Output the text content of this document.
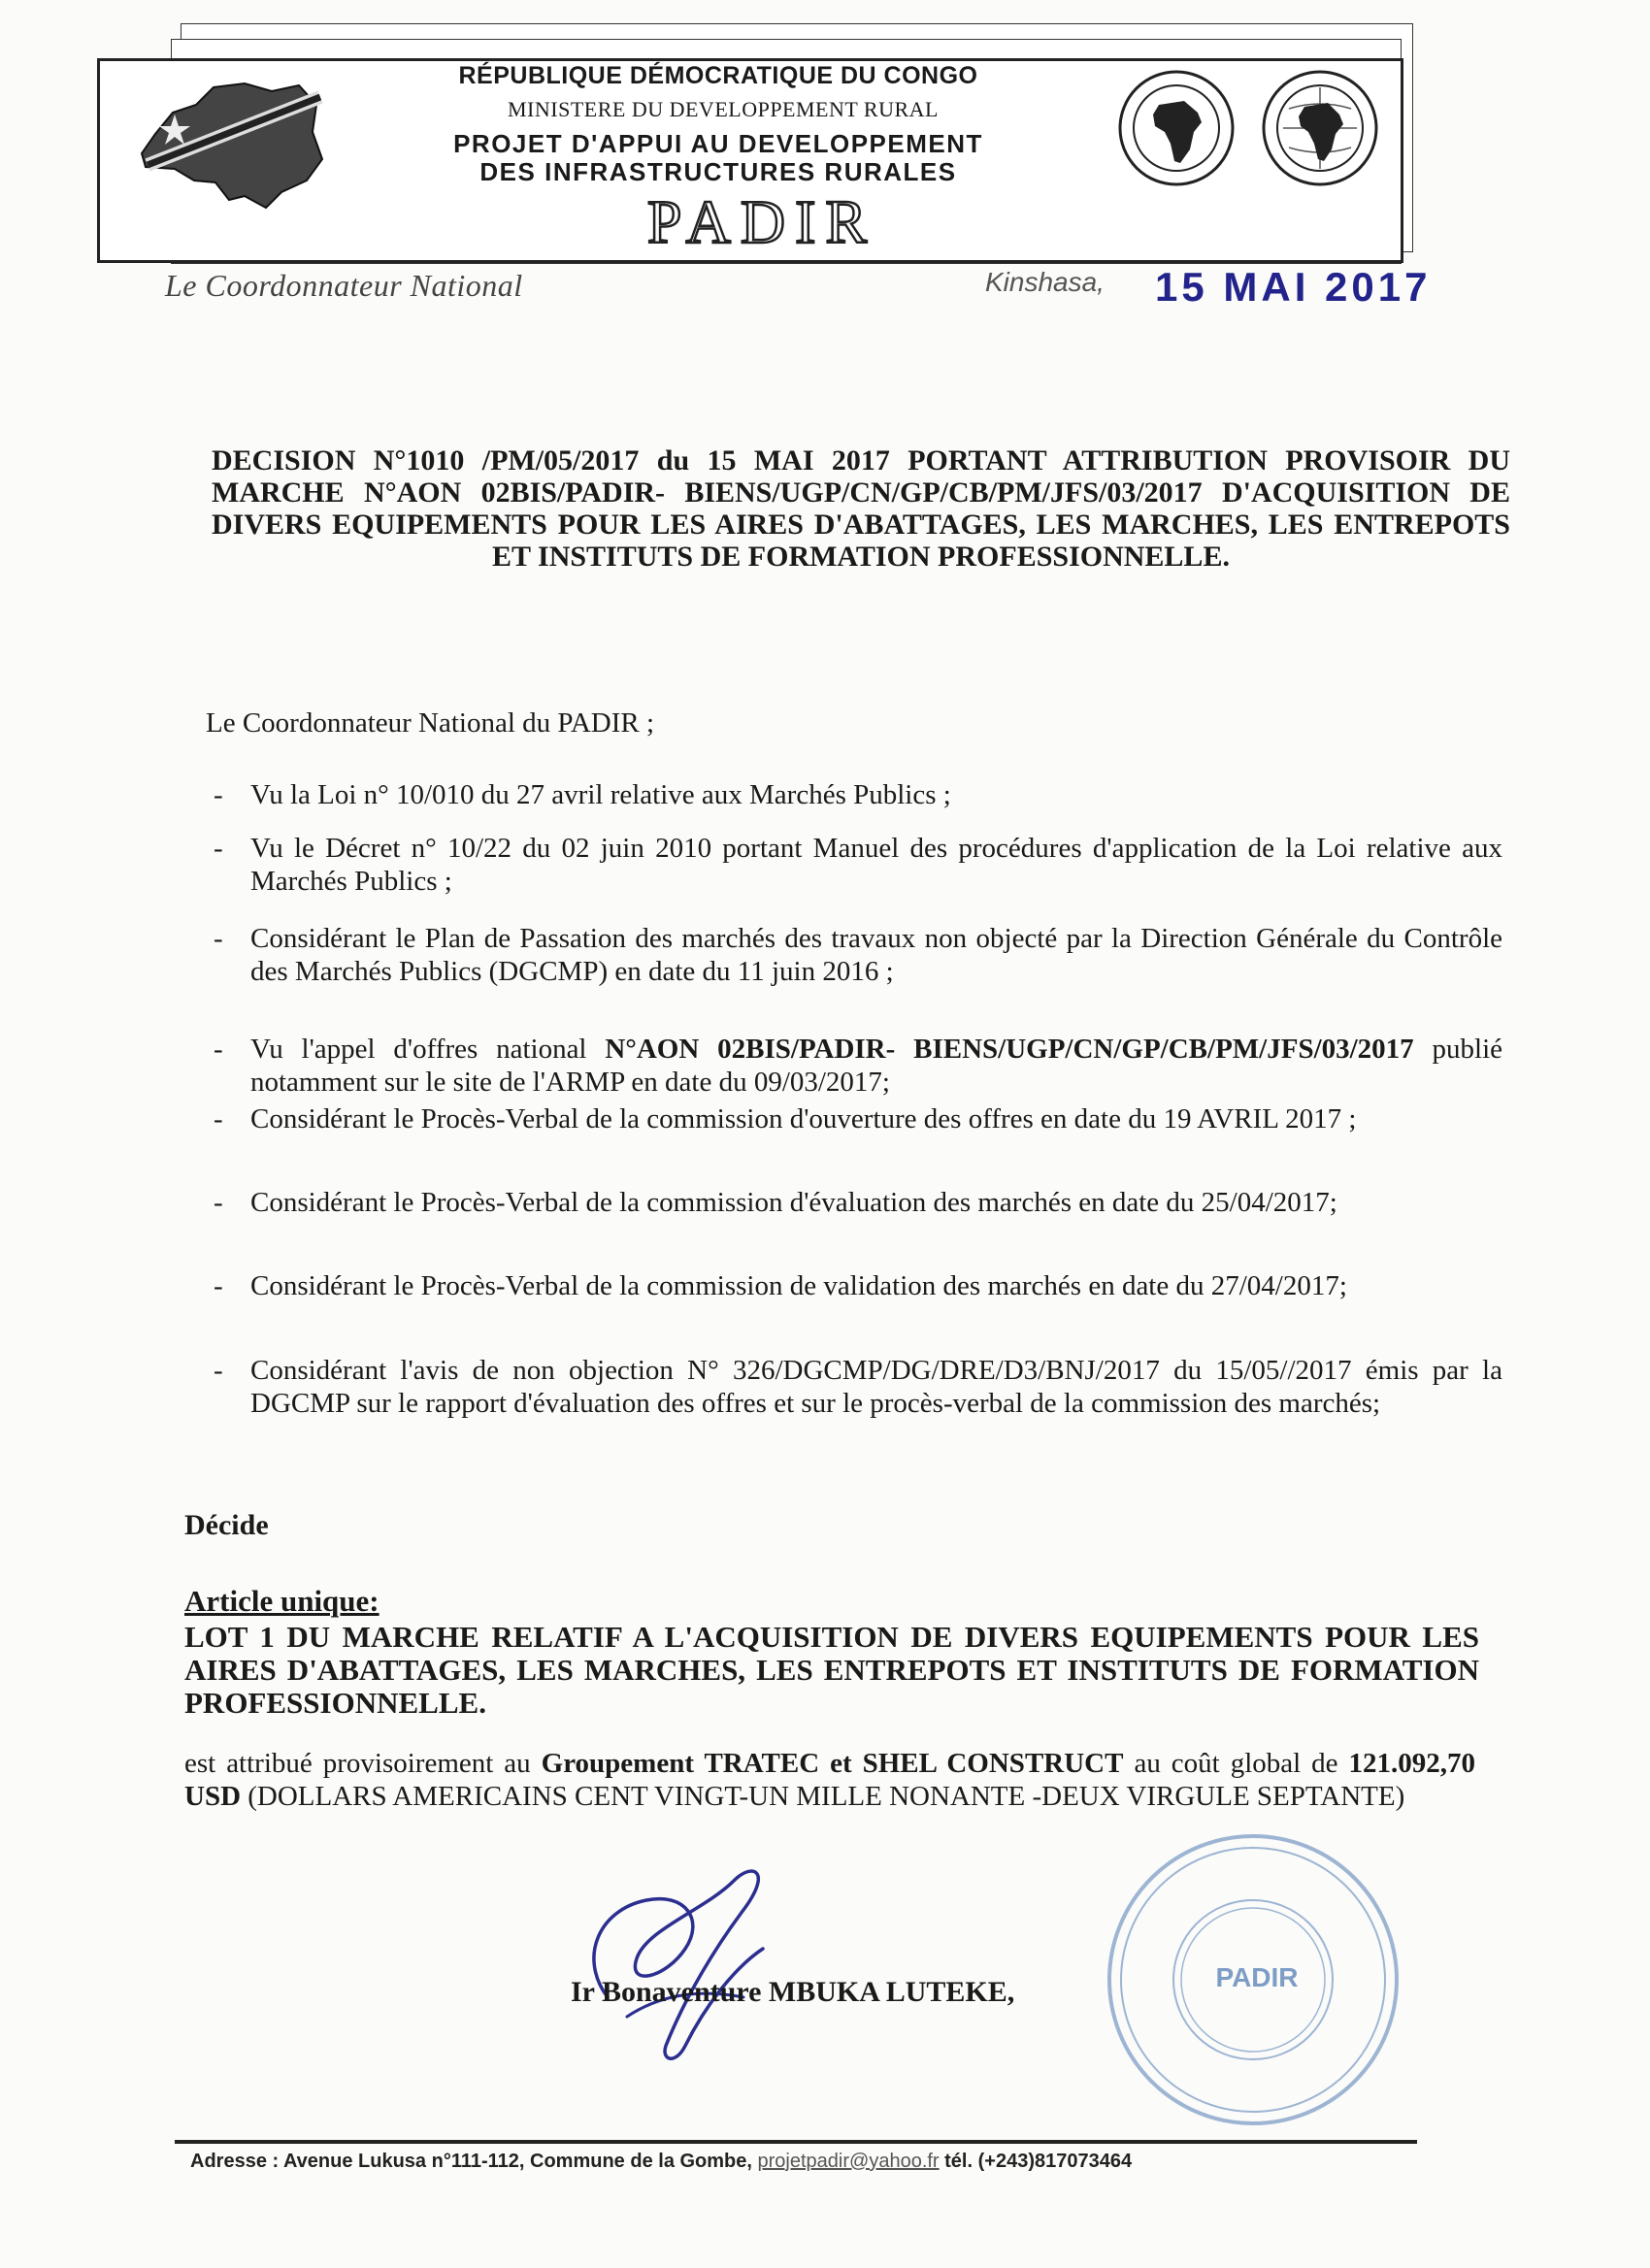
RÉPUBLIQUE DÉMOCRATIQUE DU CONGO
MINISTERE DU DEVELOPPEMENT RURAL
PROJET D'APPUI AU DEVELOPPEMENT
DES INFRASTRUCTURES RURALES
PADIR
Le Coordonnateur National	Kinshasa, 15 MAI 2017
DECISION N°1010 /PM/05/2017 du 15 MAI 2017 PORTANT ATTRIBUTION PROVISOIR DU MARCHE N°AON 02BIS/PADIR- BIENS/UGP/CN/GP/CB/PM/JFS/03/2017 D'ACQUISITION DE DIVERS EQUIPEMENTS POUR LES AIRES D'ABATTAGES, LES MARCHES, LES ENTREPOTS ET INSTITUTS DE FORMATION PROFESSIONNELLE.
Le Coordonnateur National du PADIR ;
- Vu la Loi n° 10/010 du 27 avril relative aux Marchés Publics ;
- Vu le Décret n° 10/22 du 02 juin 2010 portant Manuel des procédures d'application de la Loi relative aux Marchés Publics ;
- Considérant le Plan de Passation des marchés des travaux non objecté par la Direction Générale du Contrôle des Marchés Publics (DGCMP) en date du 11 juin 2016 ;
- Vu l'appel d'offres national N°AON 02BIS/PADIR- BIENS/UGP/CN/GP/CB/PM/JFS/03/2017 publié notamment sur le site de l'ARMP en date du 09/03/2017;
- Considérant le Procès-Verbal de la commission d'ouverture des offres en date du 19 AVRIL 2017 ;
- Considérant le Procès-Verbal de la commission d'évaluation des marchés en date du 25/04/2017;
- Considérant le Procès-Verbal de la commission de validation des marchés en date du 27/04/2017;
- Considérant l'avis de non objection N° 326/DGCMP/DG/DRE/D3/BNJ/2017 du 15/05//2017 émis par la DGCMP sur le rapport d'évaluation des offres et sur le procès-verbal de la commission des marchés;
Décide
Article unique:
LOT 1 DU MARCHE RELATIF A L'ACQUISITION DE DIVERS EQUIPEMENTS POUR LES AIRES D'ABATTAGES, LES MARCHES, LES ENTREPOTS ET INSTITUTS DE FORMATION PROFESSIONNELLE.
est attribué provisoirement au Groupement TRATEC et SHEL CONSTRUCT au coût global de 121.092,70 USD (DOLLARS AMERICAINS CENT VINGT-UN MILLE NONANTE -DEUX VIRGULE SEPTANTE)
PADIR
Ir Bonaventure MBUKA LUTEKE,
Adresse : Avenue Lukusa n°111-112, Commune de la Gombe, projetpadir@yahoo.fr tél. (+243)817073464
